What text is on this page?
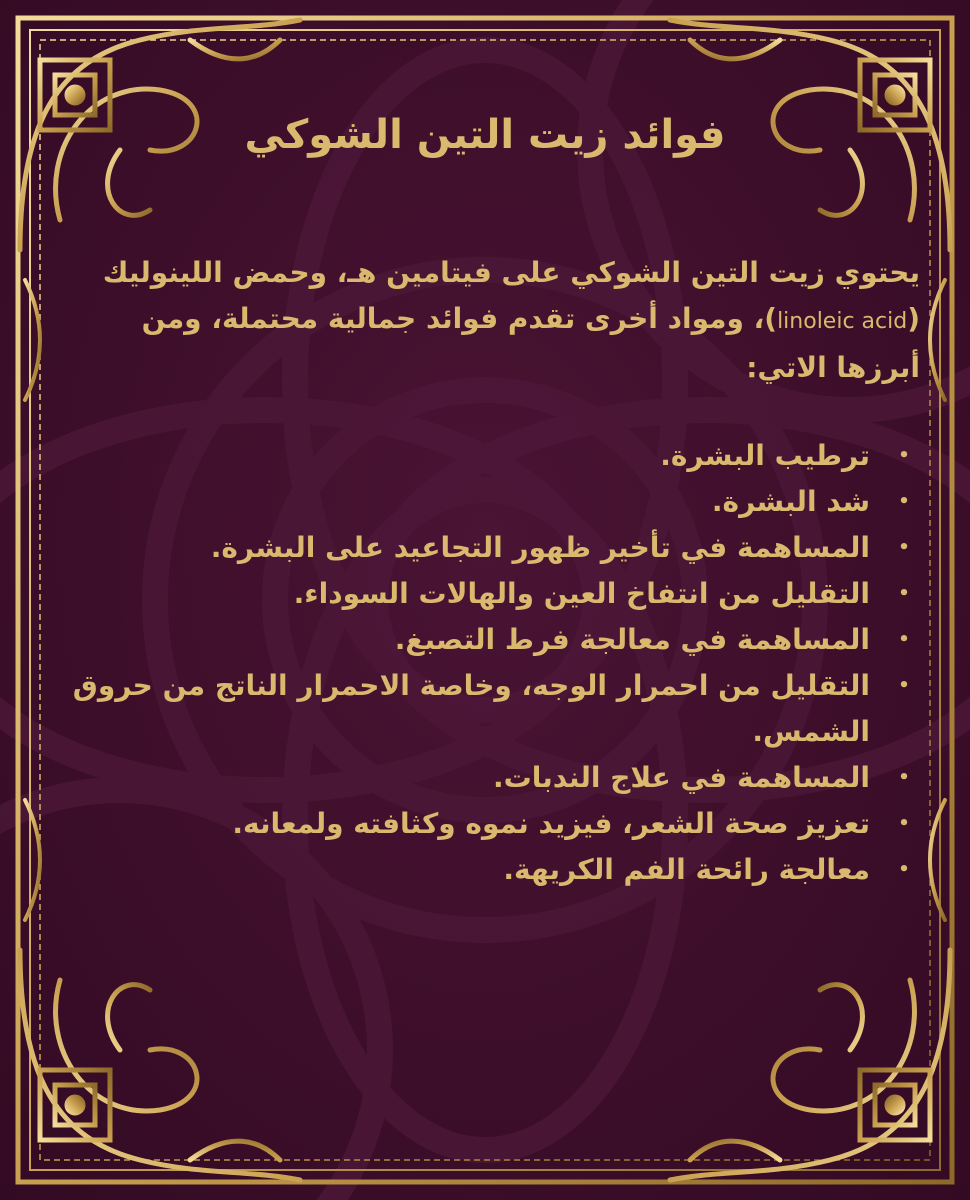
فوائد زيت التين الشوكي

يحتوي زيت التين الشوكي على فيتامين هـ، وحمض اللينوليك (linoleic acid)، ومواد أخرى تقدم فوائد جمالية محتملة، ومن أبرزها الاتي:

•
ترطيب البشرة.
•
شد البشرة.
•
المساهمة في تأخير ظهور التجاعيد على البشرة.
•
التقليل من انتفاخ العين والهالات السوداء.
•
المساهمة في معالجة فرط التصبغ.
•
التقليل من احمرار الوجه، وخاصة الاحمرار الناتج من حروق الشمس.
•
المساهمة في علاج الندبات.
•
تعزيز صحة الشعر، فيزيد نموه وكثافته ولمعانه.
•
معالجة رائحة الفم الكريهة.
